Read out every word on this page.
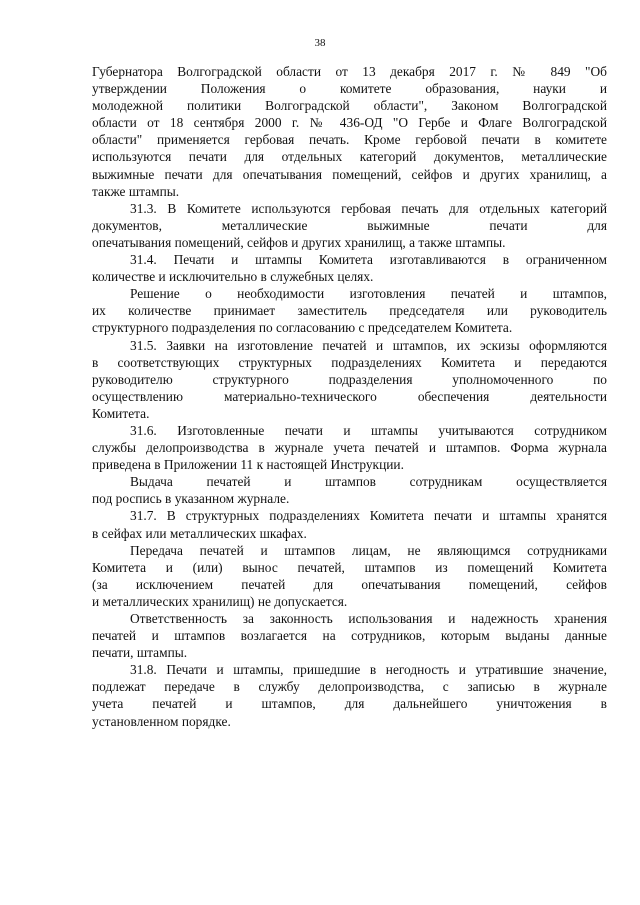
38
Губернатора Волгоградской области от 13 декабря 2017 г. № 849 "Об
утверждении Положения о комитете образования, науки и
молодежной политики Волгоградской области", Законом Волгоградской
области от 18 сентября 2000 г. № 436-ОД "О Гербе и Флаге Волгоградской
области" применяется гербовая печать. Кроме гербовой печати в комитете
используются печати для отдельных категорий документов, металлические
выжимные печати для опечатывания помещений, сейфов и других хранилищ, а
также штампы.
31.3. В Комитете используются гербовая печать для отдельных категорий
документов, металлические выжимные печати для
опечатывания помещений, сейфов и других хранилищ, а также штампы.
31.4. Печати и штампы Комитета изготавливаются в ограниченном
количестве и исключительно в служебных целях.
Решение о необходимости изготовления печатей и штампов,
их количестве принимает заместитель председателя или руководитель
структурного подразделения по согласованию с председателем Комитета.
31.5. Заявки на изготовление печатей и штампов, их эскизы оформляются
в соответствующих структурных подразделениях Комитета и передаются
руководителю структурного подразделения уполномоченного по
осуществлению материально-технического обеспечения деятельности
Комитета.
31.6. Изготовленные печати и штампы учитываются сотрудником
службы делопроизводства в журнале учета печатей и штампов. Форма журнала
приведена в Приложении 11 к настоящей Инструкции.
Выдача печатей и штампов сотрудникам осуществляется
под роспись в указанном журнале.
31.7. В структурных подразделениях Комитета печати и штампы хранятся
в сейфах или металлических шкафах.
Передача печатей и штампов лицам, не являющимся сотрудниками
Комитета и (или) вынос печатей, штампов из помещений Комитета
(за исключением печатей для опечатывания помещений, сейфов
и металлических хранилищ) не допускается.
Ответственность за законность использования и надежность хранения
печатей и штампов возлагается на сотрудников, которым выданы данные
печати, штампы.
31.8. Печати и штампы, пришедшие в негодность и утратившие значение,
подлежат передаче в службу делопроизводства, с записью в журнале
учета печатей и штампов, для дальнейшего уничтожения в
установленном порядке.
